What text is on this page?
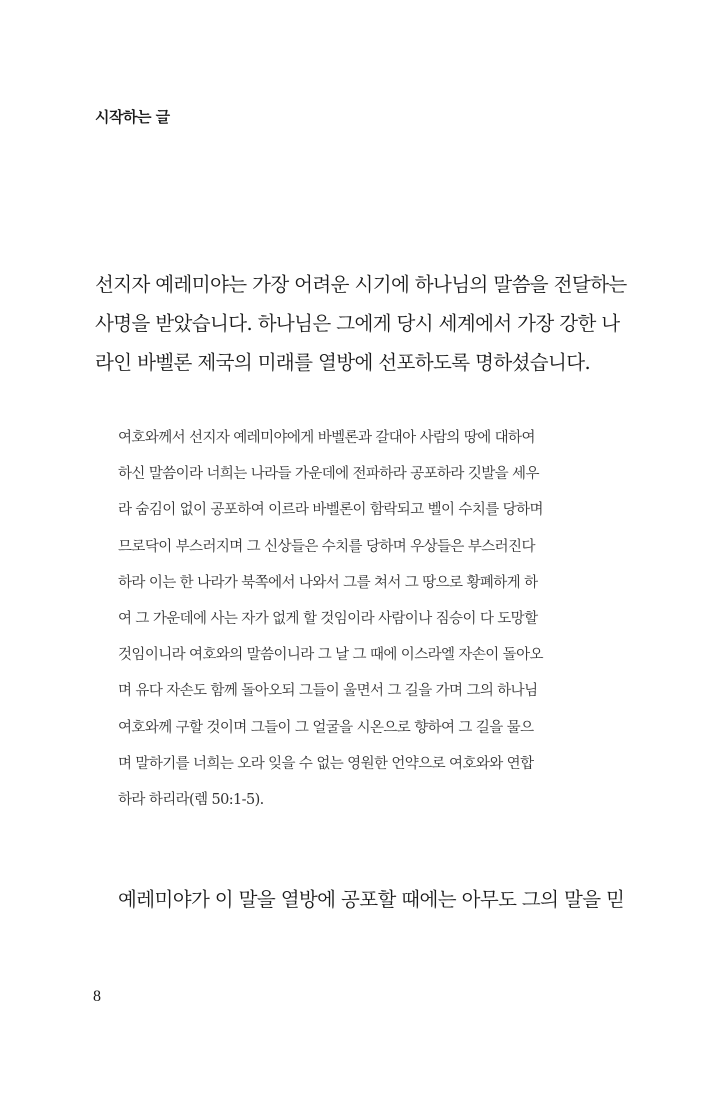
시작하는 글
선지자 예레미야는 가장 어려운 시기에 하나님의 말씀을 전달하는
사명을 받았습니다. 하나님은 그에게 당시 세계에서 가장 강한 나
라인 바벨론 제국의 미래를 열방에 선포하도록 명하셨습니다.
여호와께서 선지자 예레미야에게 바벨론과 갈대아 사람의 땅에 대하여
하신 말씀이라 너희는 나라들 가운데에 전파하라 공포하라 깃발을 세우
라 숨김이 없이 공포하여 이르라 바벨론이 함락되고 벨이 수치를 당하며
므로닥이 부스러지며 그 신상들은 수치를 당하며 우상들은 부스러진다
하라 이는 한 나라가 북쪽에서 나와서 그를 쳐서 그 땅으로 황폐하게 하
여 그 가운데에 사는 자가 없게 할 것임이라 사람이나 짐승이 다 도망할
것임이니라 여호와의 말씀이니라 그 날 그 때에 이스라엘 자손이 돌아오
며 유다 자손도 함께 돌아오되 그들이 울면서 그 길을 가며 그의 하나님
여호와께 구할 것이며 그들이 그 얼굴을 시온으로 향하여 그 길을 물으
며 말하기를 너희는 오라 잊을 수 없는 영원한 언약으로 여호와와 연합
하라 하리라(렘 50:1-5).
예레미야가 이 말을 열방에 공포할 때에는 아무도 그의 말을 믿
8
